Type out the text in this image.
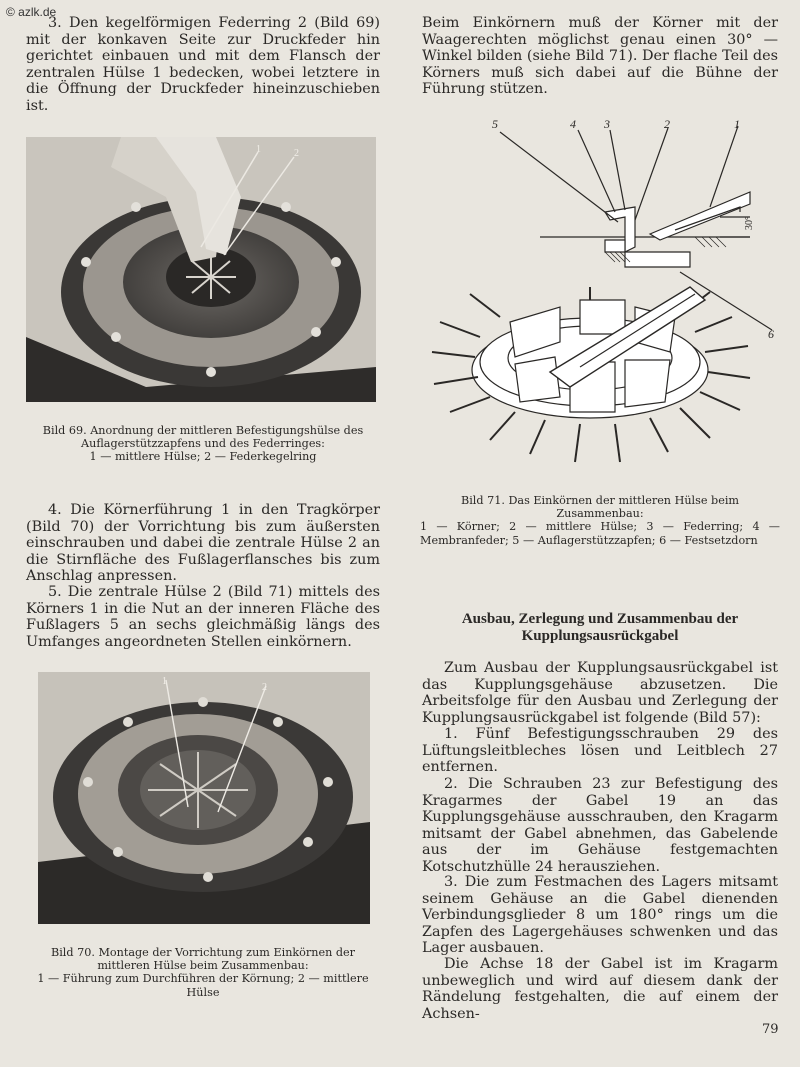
© azlk.de

3. Den kegelförmigen Federring 2 (Bild 69) mit der konkaven Seite zur Druckfeder hin gerichtet einbauen und mit dem Flansch der zentralen Hülse 1 bedecken, wobei letztere in die Öffnung der Druckfeder hineinzuschieben ist.

1	2

Bild 69. Anordnung der mittleren Befestigungshülse des Auflagerstützzapfens und des Federringes:

1 — mittlere Hülse; 2 — Federkegelring

4. Die Körnerführung 1 in den Tragkörper (Bild 70) der Vorrichtung bis zum äußersten einschrauben und dabei die zentrale Hülse 2 an die Stirnfläche des Fußlagerflansches bis zum Anschlag anpressen.

5. Die zentrale Hülse 2 (Bild 71) mittels des Körners 1 in die Nut an der inneren Fläche des Fußlagers 5 an sechs gleichmäßig längs des Umfanges angeordneten Stellen einkörnern.

1
2

Bild 70. Montage der Vorrichtung zum Einkörnen der mittleren Hülse beim Zusammenbau:

1 — Führung zum Durchführen der Körnung; 2 — mittlere Hülse

Beim Einkörnern muß der Körner mit der Waagerechten möglichst genau einen 30° — Winkel bilden (siehe Bild 71). Der flache Teil des Körners muß sich dabei auf die Bühne der Führung stützen.

5	4 3	2	1
6
30°

Bild 71. Das Einkörnen der mittleren Hülse beim Zusammenbau:

1 — Körner; 2 — mittlere Hülse; 3 — Federring; 4 — Membranfeder; 5 — Auflagerstützzapfen; 6 — Festsetzdorn

Ausbau, Zerlegung und Zusammenbau der Kupplungsausrückgabel

Zum Ausbau der Kupplungsausrückgabel ist das Kupplungsgehäuse abzusetzen. Die Arbeitsfolge für den Ausbau und Zerlegung der Kupplungsausrückgabel ist folgende (Bild 57):

1. Fünf Befestigungsschrauben 29 des Lüftungsleitbleches lösen und Leitblech 27 entfernen.

2. Die Schrauben 23 zur Befestigung des Kragarmes der Gabel 19 an das Kupplungsgehäuse ausschrauben, den Kragarm mitsamt der Gabel abnehmen, das Gabelende aus der im Gehäuse festgemachten Kotschutzhülle 24 herausziehen.

3. Die zum Festmachen des Lagers mitsamt seinem Gehäuse an die Gabel dienenden Verbindungsglieder 8 um 180° rings um die Zapfen des Lagergehäuses schwenken und das Lager ausbauen.

Die Achse 18 der Gabel ist im Kragarm unbeweglich und wird auf diesem dank der Rändelung festgehalten, die auf einem der Achsen-

79
